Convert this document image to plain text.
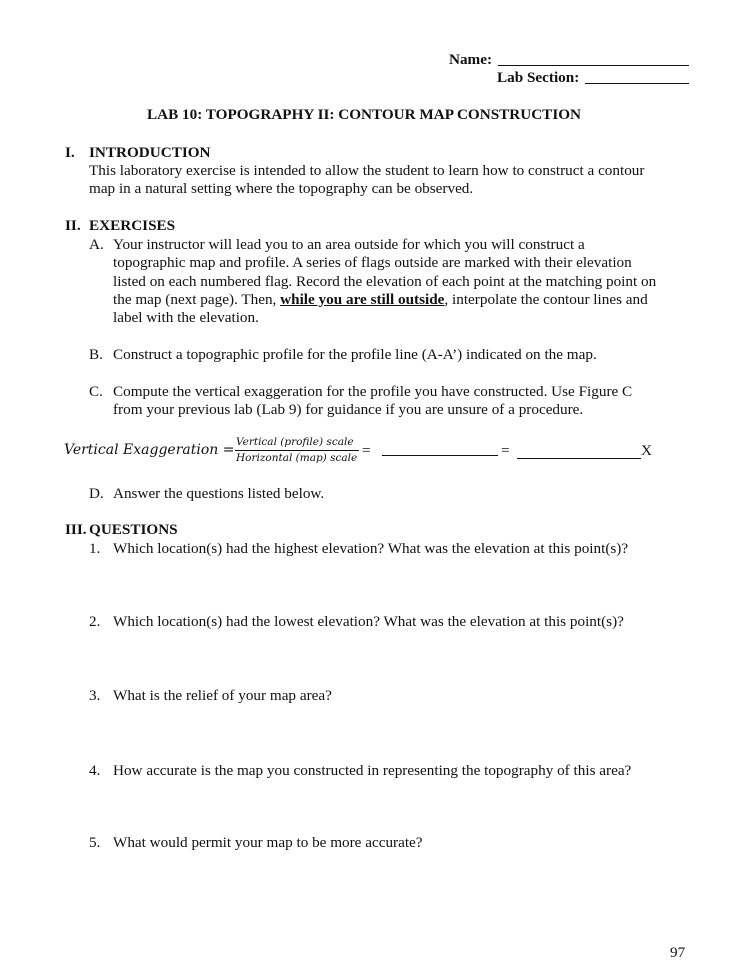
Name:
Lab Section:
LAB 10: TOPOGRAPHY II: CONTOUR MAP CONSTRUCTION
I. INTRODUCTION
This laboratory exercise is intended to allow the student to learn how to construct a contour
map in a natural setting where the topography can be observed.
II. EXERCISES
A. Your instructor will lead you to an area outside for which you will construct a
topographic map and profile. A series of flags outside are marked with their elevation
listed on each numbered flag. Record the elevation of each point at the matching point on
the map (next page). Then, while you are still outside, interpolate the contour lines and
label with the elevation.
B. Construct a topographic profile for the profile line (A-A’) indicated on the map.
C. Compute the vertical exaggeration for the profile you have constructed. Use Figure C
from your previous lab (Lab 9) for guidance if you are unsure of a procedure.
Vertical Exaggeration = Vertical (profile) scale
Horizontal (map) scale =	=	X
D. Answer the questions listed below.
III. QUESTIONS
1. Which location(s) had the highest elevation? What was the elevation at this point(s)?
2. Which location(s) had the lowest elevation? What was the elevation at this point(s)?
3. What is the relief of your map area?
4. How accurate is the map you constructed in representing the topography of this area?
5. What would permit your map to be more accurate?
97
